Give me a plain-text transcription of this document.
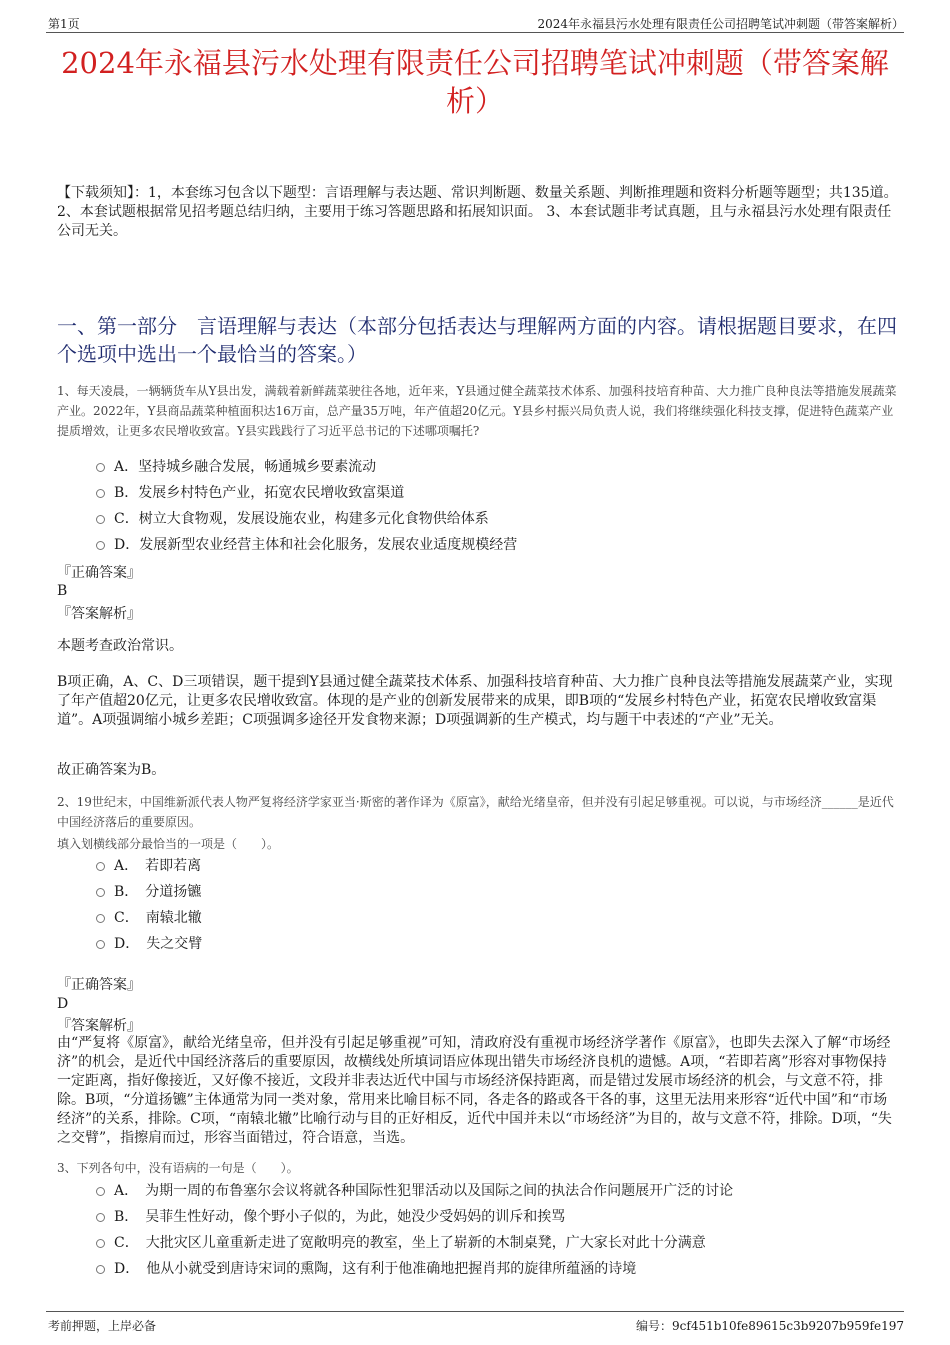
第1页	2024年永福县污水处理有限责任公司招聘笔试冲刺题（带答案解析）
2024年永福县污水处理有限责任公司招聘笔试冲刺题（带答案解析）
【下载须知】：1，本套练习包含以下题型：言语理解与表达题、常识判断题、数量关系题、判断推理题和资料分析题等题型；共135道。 2、本套试题根据常见招考题总结归纳，主要用于练习答题思路和拓展知识面。 3、本套试题非考试真题，且与永福县污水处理有限责任公司无关。
一、第一部分　言语理解与表达（本部分包括表达与理解两方面的内容。请根据题目要求，在四个选项中选出一个最恰当的答案。）
1、每天凌晨，一辆辆货车从Y县出发，满载着新鲜蔬菜驶往各地，近年来，Y县通过健全蔬菜技术体系、加强科技培育种苗、大力推广良种良法等措施发展蔬菜产业。2022年，Y县商品蔬菜种植面积达16万亩，总产量35万吨，年产值超20亿元。Y县乡村振兴局负责人说，我们将继续强化科技支撑，促进特色蔬菜产业提质增效，让更多农民增收致富。Y县实践践行了习近平总书记的下述哪项嘱托?
A．坚持城乡融合发展，畅通城乡要素流动
B．发展乡村特色产业，拓宽农民增收致富渠道
C．树立大食物观，发展设施农业，构建多元化食物供给体系
D．发展新型农业经营主体和社会化服务，发展农业适度规模经营
『正确答案』
B
『答案解析』
本题考查政治常识。
B项正确，A、C、D三项错误，题干提到Y县通过健全蔬菜技术体系、加强科技培育种苗、大力推广良种良法等措施发展蔬菜产业，实现了年产值超20亿元，让更多农民增收致富。体现的是产业的创新发展带来的成果，即B项的“发展乡村特色产业，拓宽农民增收致富渠道”。A项强调缩小城乡差距；C项强调多途径开发食物来源；D项强调新的生产模式，均与题干中表述的“产业”无关。
故正确答案为B。
2、19世纪末，中国维新派代表人物严复将经济学家亚当·斯密的著作译为《原富》，献给光绪皇帝，但并没有引起足够重视。可以说，与市场经济______是近代中国经济落后的重要原因。
填入划横线部分最恰当的一项是（　　）。
A．　若即若离
B．　分道扬镳
C．　南辕北辙
D．　失之交臂
『正确答案』
D
『答案解析』
由“严复将《原富》，献给光绪皇帝，但并没有引起足够重视”可知，清政府没有重视市场经济学著作《原富》，也即失去深入了解“市场经济”的机会，是近代中国经济落后的重要原因，故横线处所填词语应体现出错失市场经济良机的遗憾。A项，“若即若离”形容对事物保持一定距离，指好像接近，又好像不接近，文段并非表达近代中国与市场经济保持距离，而是错过发展市场经济的机会，与文意不符，排除。B项，“分道扬镳”主体通常为同一类对象，常用来比喻目标不同，各走各的路或各干各的事，这里无法用来形容“近代中国”和“市场经济”的关系，排除。C项，“南辕北辙”比喻行动与目的正好相反，近代中国并未以“市场经济”为目的，故与文意不符，排除。D项，“失之交臂”，指擦肩而过，形容当面错过，符合语意，当选。
3、下列各句中，没有语病的一句是（　　）。
A．　为期一周的布鲁塞尔会议将就各种国际性犯罪活动以及国际之间的执法合作问题展开广泛的讨论
B．　吴菲生性好动，像个野小子似的，为此，她没少受妈妈的训斥和挨骂
C．　大批灾区儿童重新走进了宽敞明亮的教室，坐上了崭新的木制桌凳，广大家长对此十分满意
D．　他从小就受到唐诗宋词的熏陶，这有利于他准确地把握肖邦的旋律所蕴涵的诗境
考前押题，上岸必备	编号：9cf451b10fe89615c3b9207b959fe197
